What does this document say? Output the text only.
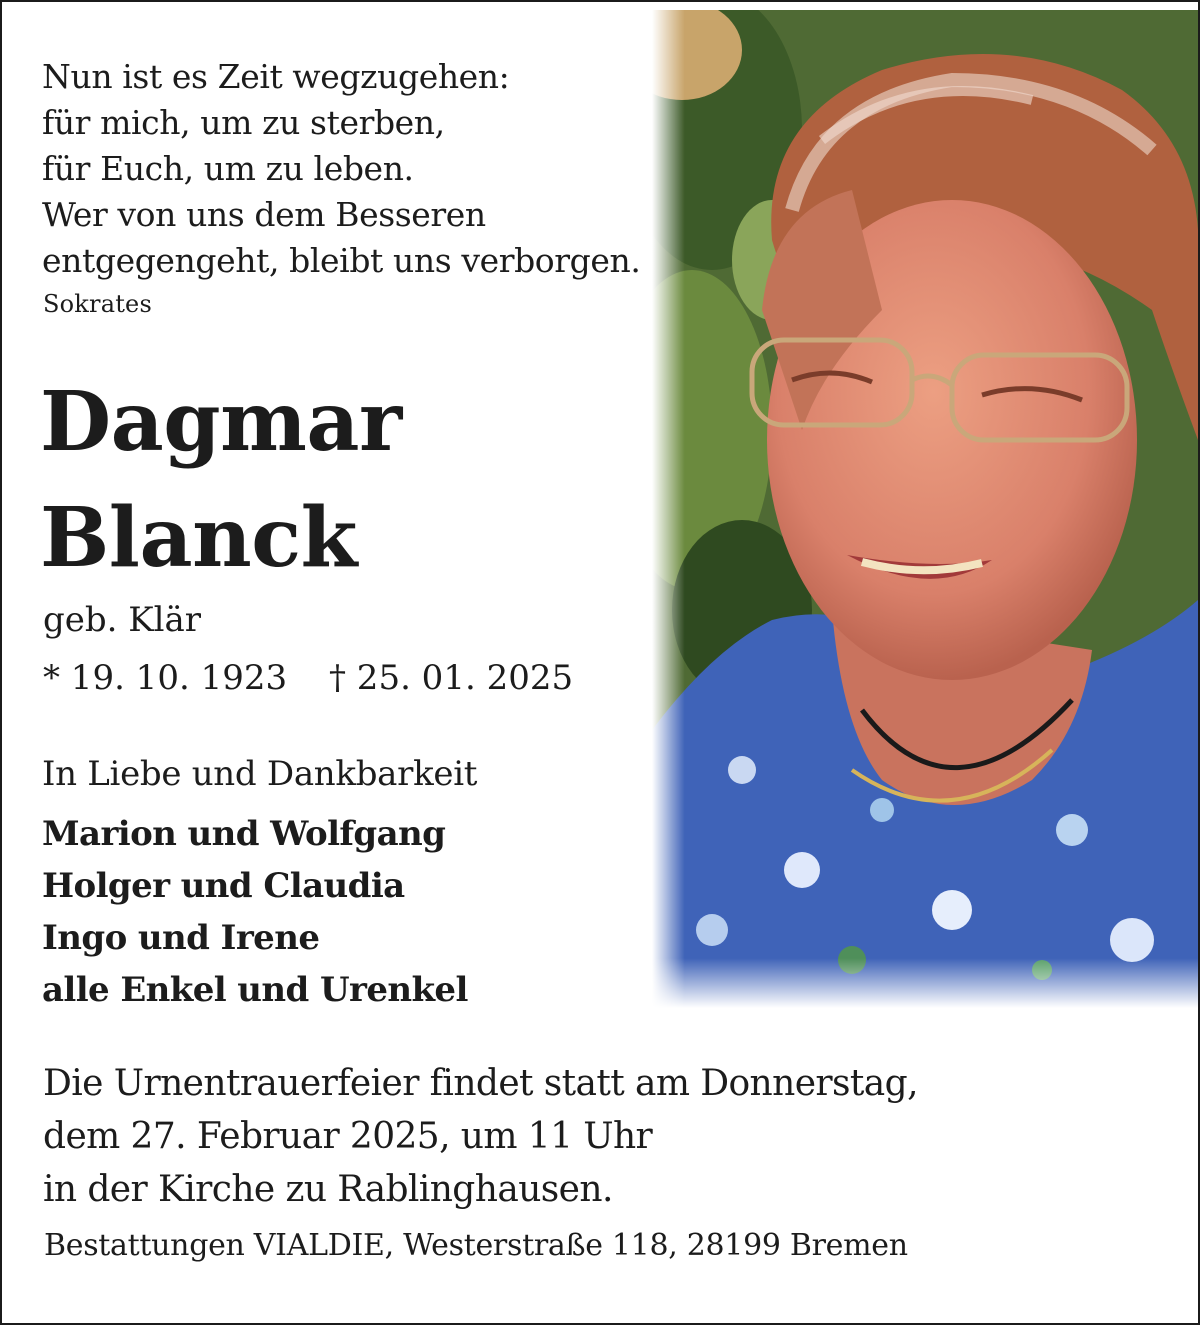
Nun ist es Zeit wegzugehen:
für mich, um zu sterben,
für Euch, um zu leben.
Wer von uns dem Besseren
entgegengeht, bleibt uns verborgen.
Sokrates
Dagmar
Blanck
geb. Klär
* 19. 10. 1923 † 25. 01. 2025
In Liebe und Dankbarkeit
Marion und Wolfgang
Holger und Claudia
Ingo und Irene
alle Enkel und Urenkel
Die Urnentrauerfeier findet statt am Donnerstag,
dem 27. Februar 2025, um 11 Uhr
in der Kirche zu Rablinghausen.
Bestattungen VIALDIE, Westerstraße 118, 28199 Bremen
